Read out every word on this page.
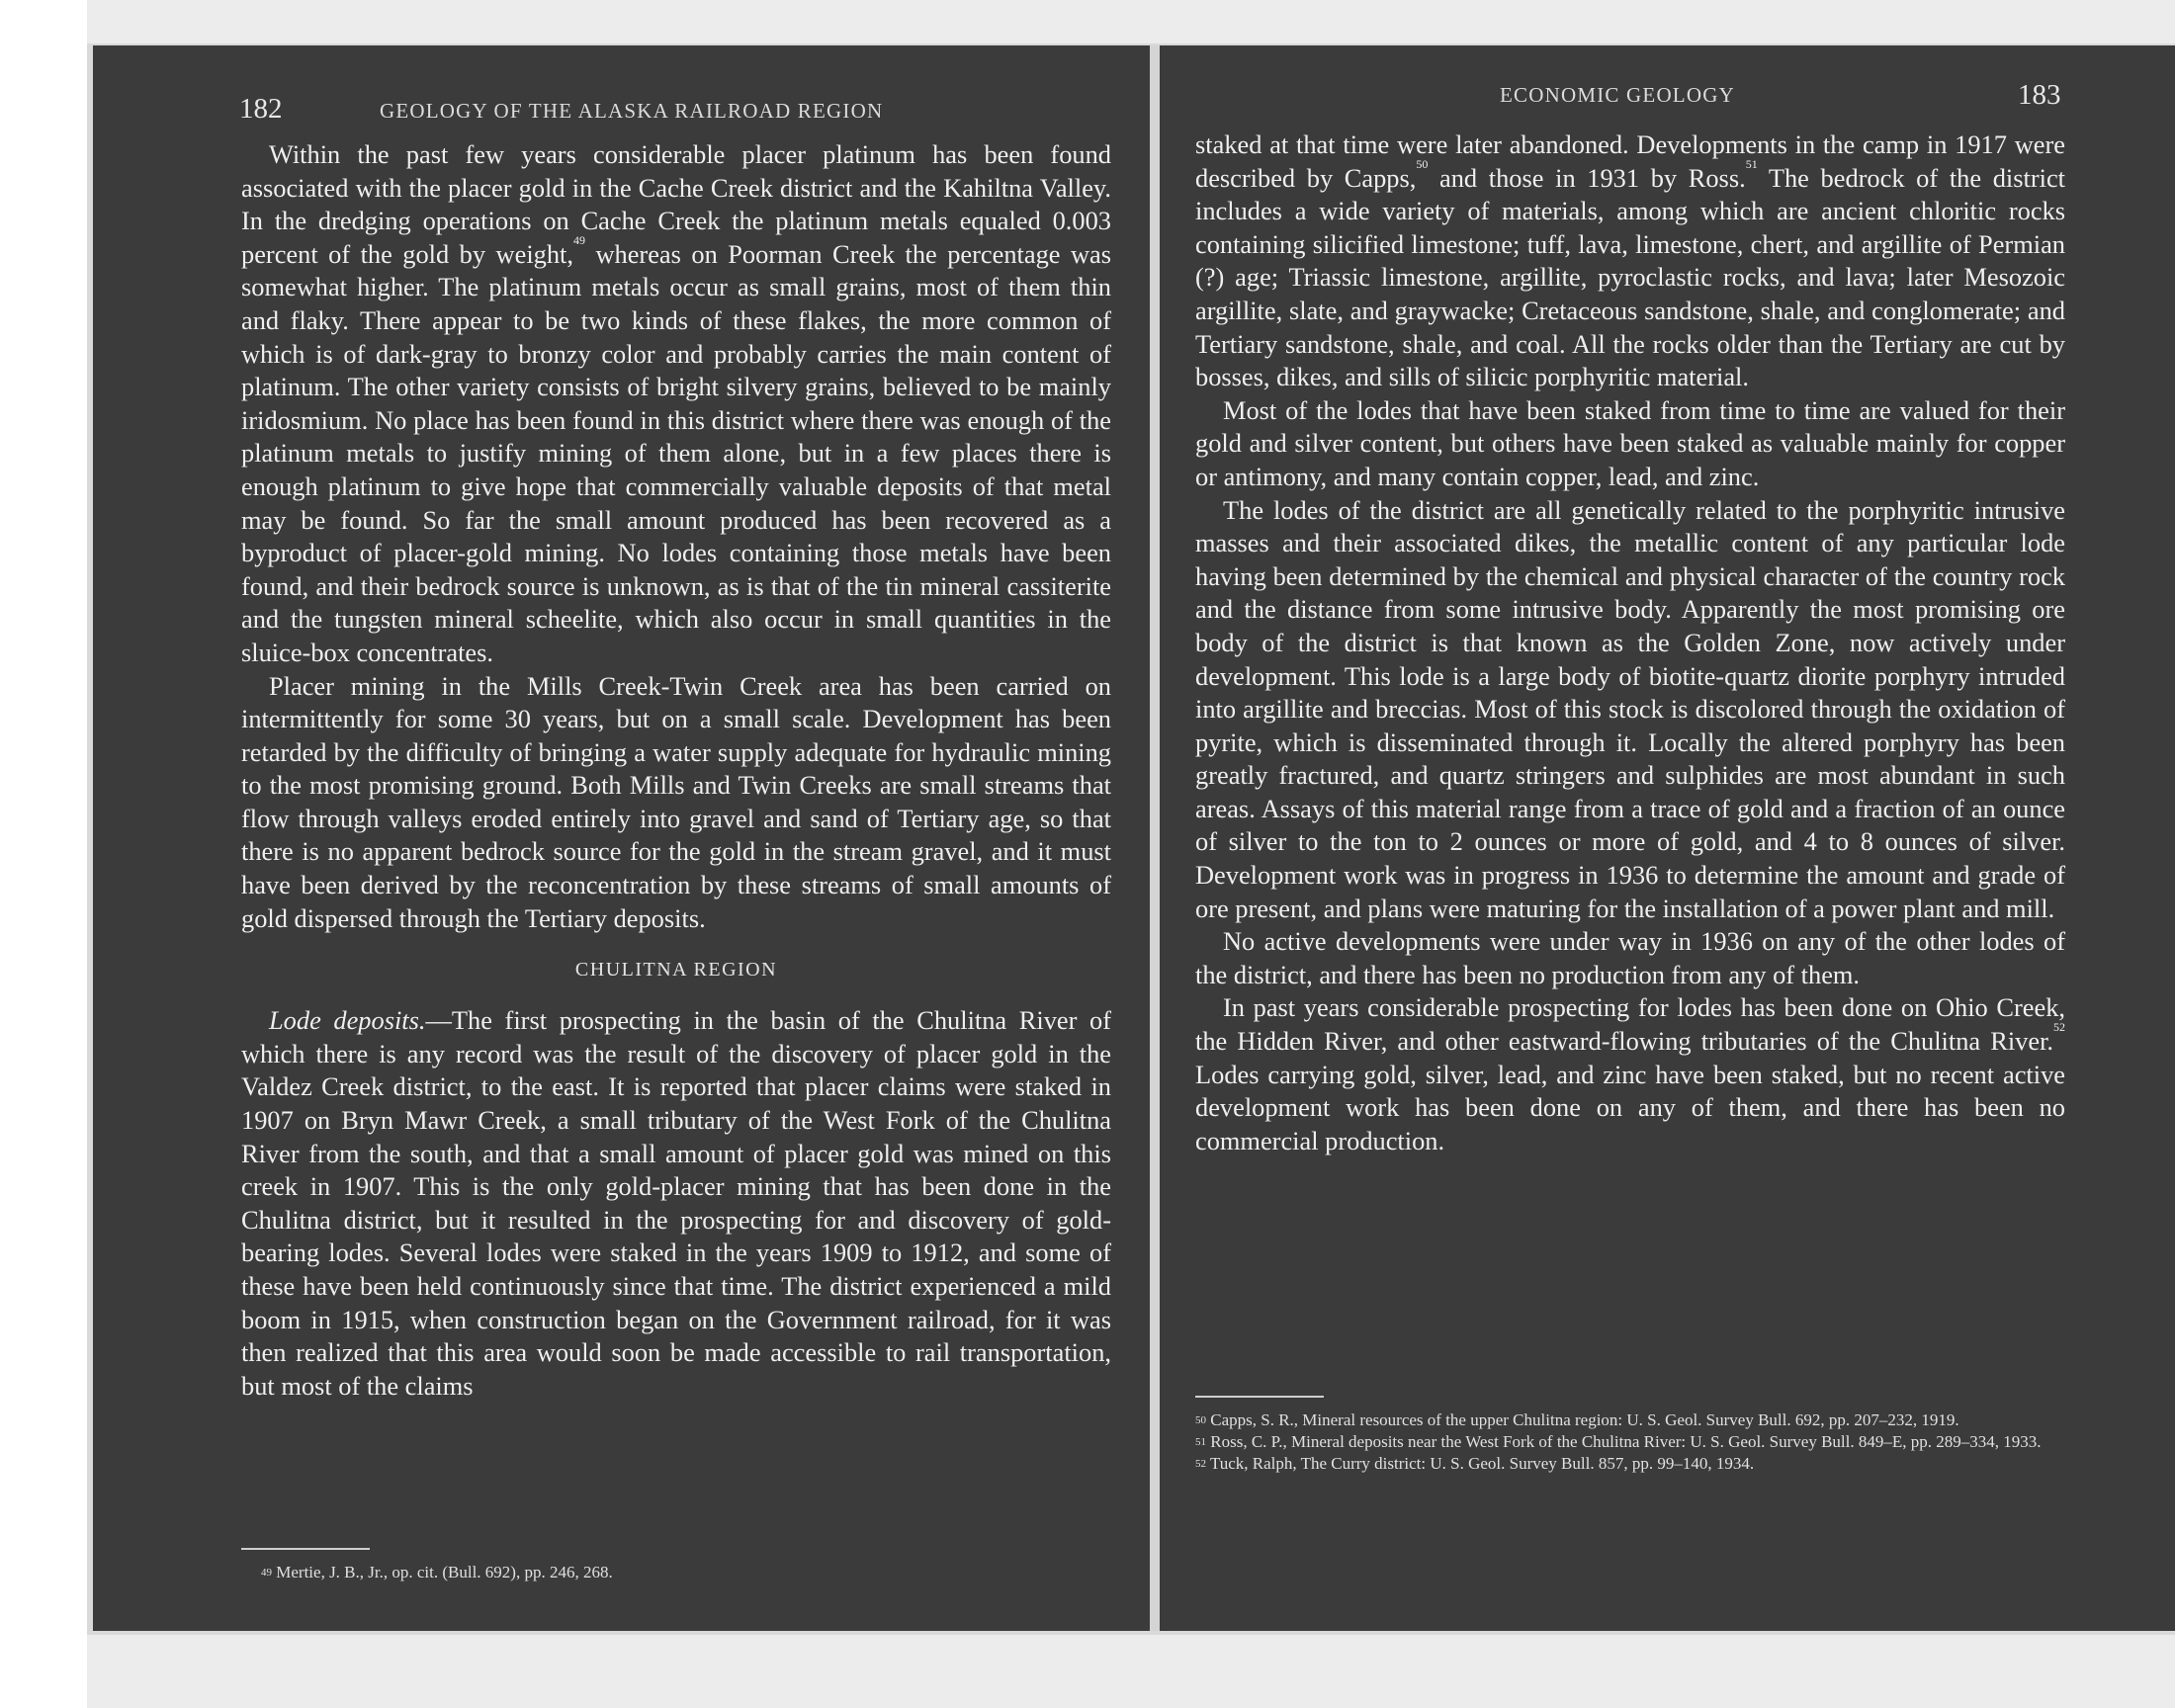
182	GEOLOGY OF THE ALASKA RAILROAD REGION

Within the past few years considerable placer platinum has been found associated with the placer gold in the Cache Creek district and the Kahiltna Valley. In the dredging operations on Cache Creek the platinum metals equaled 0.003 percent of the gold by weight,$^{49}$ whereas on Poorman Creek the percentage was somewhat higher. The platinum metals occur as small grains, most of them thin and flaky. There appear to be two kinds of these flakes, the more common of which is of dark-gray to bronzy color and probably carries the main content of platinum. The other variety consists of bright silvery grains, believed to be mainly iridosmium. No place has been found in this district where there was enough of the platinum metals to justify mining of them alone, but in a few places there is enough platinum to give hope that commercially valuable deposits of that metal may be found. So far the small amount produced has been recovered as a byproduct of placer-gold mining. No lodes containing those metals have been found, and their bedrock source is unknown, as is that of the tin mineral cassiterite and the tungsten mineral scheelite, which also occur in small quantities in the sluice-box concentrates.

Placer mining in the Mills Creek-Twin Creek area has been carried on intermittently for some 30 years, but on a small scale. Development has been retarded by the difficulty of bringing a water supply adequate for hydraulic mining to the most promising ground. Both Mills and Twin Creeks are small streams that flow through valleys eroded entirely into gravel and sand of Tertiary age, so that there is no apparent bedrock source for the gold in the stream gravel, and it must have been derived by the reconcentration by these streams of small amounts of gold dispersed through the Tertiary deposits.

CHULITNA REGION

Lode deposits.—The first prospecting in the basin of the Chulitna River of which there is any record was the result of the discovery of placer gold in the Valdez Creek district, to the east. It is reported that placer claims were staked in 1907 on Bryn Mawr Creek, a small tributary of the West Fork of the Chulitna River from the south, and that a small amount of placer gold was mined on this creek in 1907. This is the only gold-placer mining that has been done in the Chulitna district, but it resulted in the prospecting for and discovery of gold-bearing lodes. Several lodes were staked in the years 1909 to 1912, and some of these have been held continuously since that time. The district experienced a mild boom in 1915, when construction began on the Government railroad, for it was then realized that this area would soon be made accessible to rail transportation, but most of the claims

$^{49}$ Mertie, J. B., Jr., op. cit. (Bull. 692), pp. 246, 268.

ECONOMIC GEOLOGY	183

staked at that time were later abandoned. Developments in the camp in 1917 were described by Capps,$^{50}$ and those in 1931 by Ross.$^{51}$ The bedrock of the district includes a wide variety of materials, among which are ancient chloritic rocks containing silicified limestone; tuff, lava, limestone, chert, and argillite of Permian (?) age; Triassic limestone, argillite, pyroclastic rocks, and lava; later Mesozoic argillite, slate, and graywacke; Cretaceous sandstone, shale, and conglomerate; and Tertiary sandstone, shale, and coal. All the rocks older than the Tertiary are cut by bosses, dikes, and sills of silicic porphyritic material.

Most of the lodes that have been staked from time to time are valued for their gold and silver content, but others have been staked as valuable mainly for copper or antimony, and many contain copper, lead, and zinc.

The lodes of the district are all genetically related to the porphyritic intrusive masses and their associated dikes, the metallic content of any particular lode having been determined by the chemical and physical character of the country rock and the distance from some intrusive body. Apparently the most promising ore body of the district is that known as the Golden Zone, now actively under development. This lode is a large body of biotite-quartz diorite porphyry intruded into argillite and breccias. Most of this stock is discolored through the oxidation of pyrite, which is disseminated through it. Locally the altered porphyry has been greatly fractured, and quartz stringers and sulphides are most abundant in such areas. Assays of this material range from a trace of gold and a fraction of an ounce of silver to the ton to 2 ounces or more of gold, and 4 to 8 ounces of silver. Development work was in progress in 1936 to determine the amount and grade of ore present, and plans were maturing for the installation of a power plant and mill.

No active developments were under way in 1936 on any of the other lodes of the district, and there has been no production from any of them.

In past years considerable prospecting for lodes has been done on Ohio Creek, the Hidden River, and other eastward-flowing tributaries of the Chulitna River.$^{52}$ Lodes carrying gold, silver, lead, and zinc have been staked, but no recent active development work has been done on any of them, and there has been no commercial production.

$^{50}$ Capps, S. R., Mineral resources of the upper Chulitna region: U. S. Geol. Survey Bull. 692, pp. 207–232, 1919.

$^{51}$ Ross, C. P., Mineral deposits near the West Fork of the Chulitna River: U. S. Geol. Survey Bull. 849–E, pp. 289–334, 1933.

$^{52}$ Tuck, Ralph, The Curry district: U. S. Geol. Survey Bull. 857, pp. 99–140, 1934.
